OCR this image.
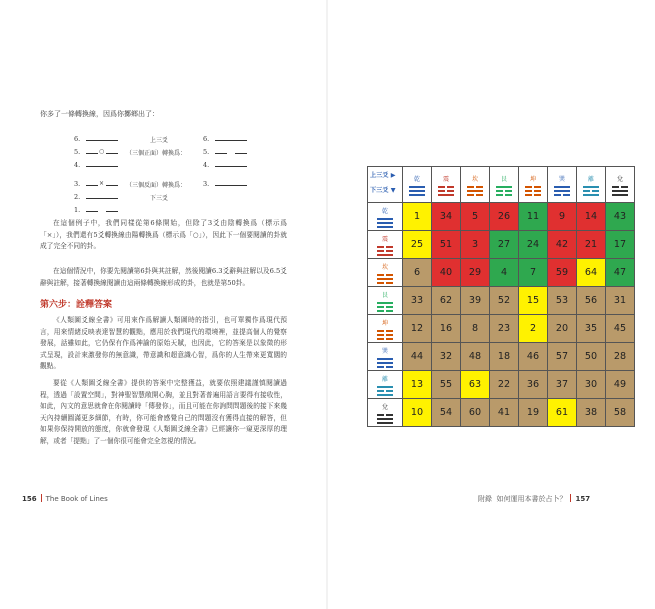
你多了一條轉換線，因爲你擲鄉出了：
6.
5.
4.
3.
2.
1.
○
×
上三爻
（三個正面）轉換爲：
（三個反面）轉換爲：
下三爻
6.
5.
4.
3.
在這個例子中，我們同樣從第6條開始，但除了3爻由陰轉換爲（標示爲「×」），我們還有5爻轉換線由陽轉換爲（標示爲「○」），因此下一個要閱讀的卦就成了完全不同的卦。
在這個情況中，你要先閱讀第6卦與其註解，然後閱讀6.3爻辭與註解以及6.5爻辭與註解，接著轉換線閱讀由這兩條轉換線形成的卦，也就是第50卦。
第六步：詮釋答案
《人類圖爻線全書》可用來作爲解讀人類圖時的指引，也可單獨作爲現代預言，用來情緒反映表達智慧的觀點，應用於我們現代的環境裡，並提高個人的覺察發展，話雖如此，它仍保有作爲神諭的原始天賦，也因此，它的答案是以象徵的形式呈現，設計來激發你的無意識，帶意識和超意識心智，爲你的人生帶來更寬闊的觀點。
要從《人類圖爻線全書》提供的答案中完整獲益，就要依照建議謹慎閱讀過程，透過「設置空間」，對神聖智慧敞開心胸，並且對著普遍用語言要得有接收性，如此，內文的意思就會在你閱讀時「傳發你」，而且可能在你詢問問題後的接下來幾天內持續圓滿更多細節，有時，你可能會感覺自己的問題沒有獲得直接的解答，但如果你保持開放的態度，你就會發現《人類圖爻線全書》已經讓你一窺更深厚的理解，或者「提點」了一個你很可能會完全忽視的情況。
156 The Book of Lines	附錄 如何運用本書於占卜？ 157
上三爻 ▶
下三爻 ▼	乾	震	坎	艮	坤	巽	離	兌

乾	1	34	5	26	11	9	14	43

震	25	51	3	27	24	42	21	17

坎	6	40	29	4	7	59	64	47

艮	33	62	39	52	15	53	56	31

坤	12	16	8	23	2	20	35	45

巽	44	32	48	18	46	57	50	28

離	13	55	63	22	36	37	30	49

兌	10	54	60	41	19	61	38	58
